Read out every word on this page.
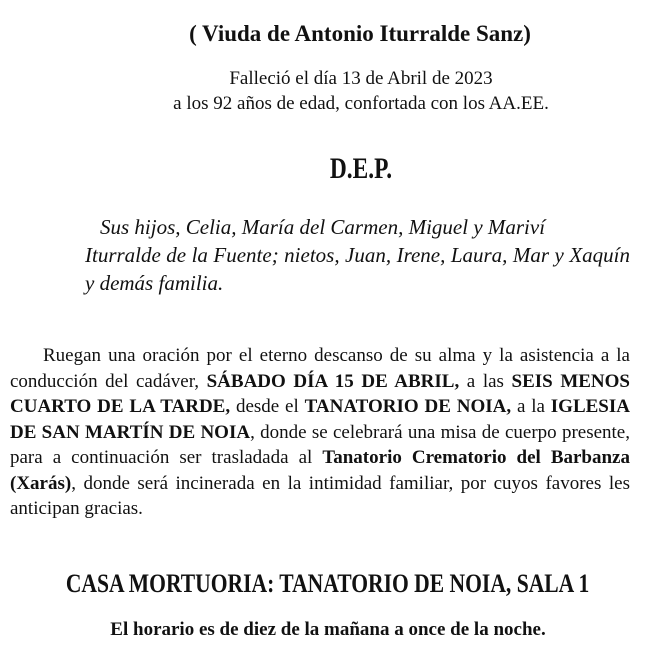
( Viuda de Antonio Iturralde Sanz)
Falleció el día 13 de Abril de 2023
a los 92 años de edad, confortada con los AA.EE.
D.E.P.
Sus hijos, Celia, María del Carmen, Miguel y Mariví
Iturralde de la Fuente; nietos, Juan, Irene, Laura, Mar y Xaquín y demás familia.
Ruegan una oración por el eterno descanso de su alma y la asistencia a la conducción del cadáver, SÁBADO DÍA 15 DE ABRIL, a las SEIS MENOS CUARTO DE LA TARDE, desde el TANATORIO DE NOIA, a la IGLESIA DE SAN MARTÍN DE NOIA, donde se celebrará una misa de cuerpo presente, para a continuación ser trasladada al Tanatorio Crematorio del Barbanza (Xarás), donde será incinerada en la intimidad familiar, por cuyos favores les anticipan gracias.
CASA MORTUORIA: TANATORIO DE NOIA, SALA 1
El horario es de diez de la mañana a once de la noche.
